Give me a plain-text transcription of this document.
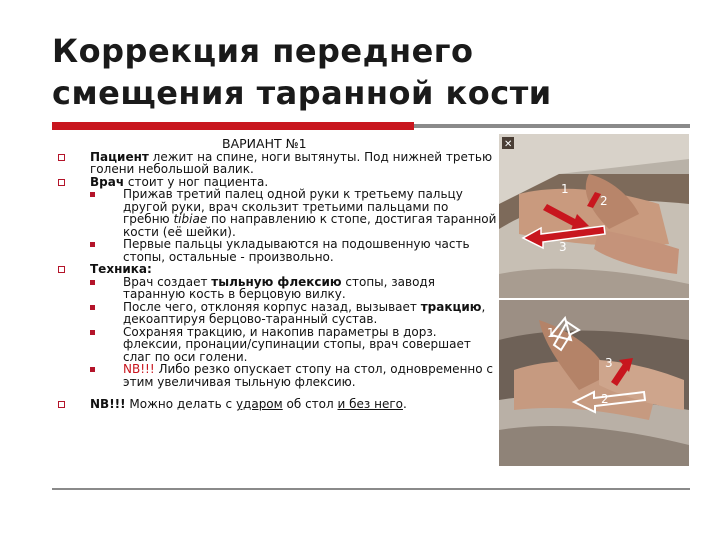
Коррекция переднего
смещения таранной кости
ВАРИАНТ №1
Пациент лежит на спине, ноги вытянуты. Под нижней третью голени небольшой валик.
Врач стоит у ног пациента.
Прижав третий палец одной руки к третьему пальцу другой руки, врач скользит третьими пальцами по гребню tibiae по направлению к стопе, достигая таранной кости (её шейки).
Первые пальцы укладываются на подошвенную часть стопы, остальные - произвольно.
Техника:
Врач создает тыльную флексию стопы, заводя таранную кость в берцовую вилку.
После чего, отклоняя корпус назад, вызывает тракцию, декоаптируя берцово-таранный сустав.
Сохраняя тракцию, и накопив параметры в дорз. флексии, пронации/супинации стопы, врач совершает слаг по оси голени.
NB!!! Либо резко опускает стопу на стол, одновременно с этим увеличивая тыльную флексию.
NB!!! Можно делать с ударом об стол и без него.
✕
1
2
3
1
2
3
